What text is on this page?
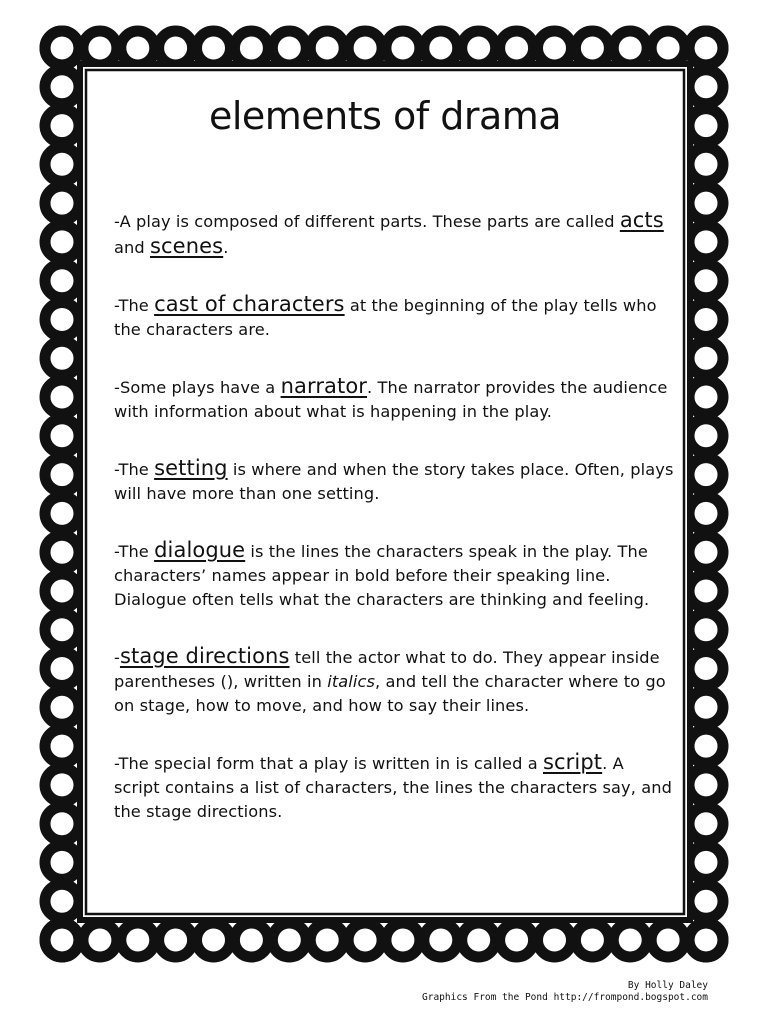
elements of drama

-A play is composed of different parts. These parts are called acts and scenes.

-The cast of characters at the beginning of the play tells who the characters are.

-Some plays have a narrator. The narrator provides the audience with information about what is happening in the play.

-The setting is where and when the story takes place. Often, plays will have more than one setting.

-The dialogue is the lines the characters speak in the play. The characters’ names appear in bold before their speaking line. Dialogue often tells what the characters are thinking and feeling.

-stage directions tell the actor what to do. They appear inside parentheses (), written in italics, and tell the character where to go on stage, how to move, and how to say their lines.

-The special form that a play is written in is called a script. A script contains a list of characters, the lines the characters say, and the stage directions.

By Holly Daley
Graphics From the Pond http://frompond.bogspot.com
